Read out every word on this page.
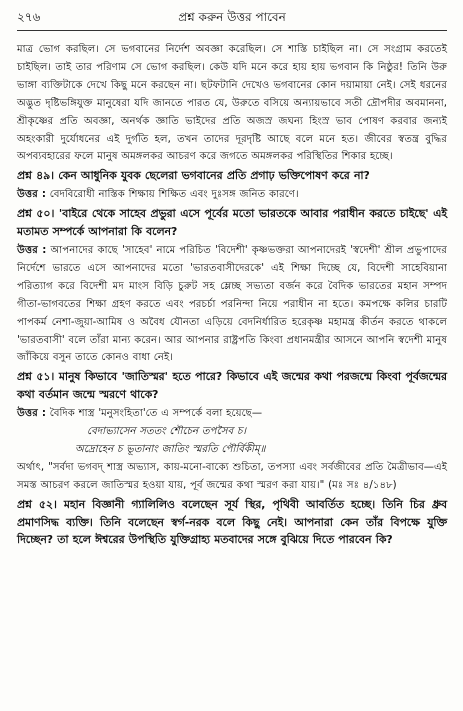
২৭৬	প্রশ্ন করুন উত্তর পাবেন

মাত্র ভোগ করছিল। সে ভগবানের নির্দেশ অবজ্ঞা করেছিল। সে শাস্তি চাইছিল না। সে সংগ্রাম করতেই চাইছিল। তাই তার পরিণাম সে ভোগ করছিল। কেউ যদি মনে করে হায় হায় ভগবান কি নিষ্ঠুর! তিনি উরু ভাঙ্গা ব্যক্তিটাকে দেখে কিছু মনে করছেন না। ছটফটানি দেখেও ভগবানের কোন দয়ামায়া নেই। সেই ধরনের অদ্ভুত দৃষ্টিভঙ্গিযুক্ত মানুষেরা যদি জানতে পারত যে, উরুতে বসিয়ে অন্যায়ভাবে সতী দ্রৌপদীর অবমাননা, শ্রীকৃষ্ণের প্রতি অবজ্ঞা, অনর্থক জ্ঞাতি ভাইদের প্রতি অজস্র জঘন্য হিংস্র ভাব পোষণ করবার জন্যই অহংকারী দুর্যোধনের এই দুর্গতি হল, তখন তাদের দূরদৃষ্টি আছে বলে মনে হত। জীবের স্বতন্ত্র বুদ্ধির অপব্যবহারের ফলে মানুষ অমঙ্গলকর আচরণ করে জগতে অমঙ্গলকর পরিস্থিতির শিকার হচ্ছে।

প্রশ্ন ৪৯। কেন আধুনিক যুবক ছেলেরা ভগবানের প্রতি প্রগাঢ় ভক্তিপোষণ করে না?

উত্তর : বেদবিরোধী নাস্তিক শিক্ষায় শিক্ষিত এবং দুঃসঙ্গ জনিত কারণে।

প্রশ্ন ৫০। 'বাইরে থেকে সাহেব প্রভুরা এসে পূর্বের মতো ভারতকে আবার পরাধীন করতে চাইছে' এই মতামত সম্পর্কে আপনারা কি বলেন?

উত্তর : আপনাদের কাছে 'সাহেব' নামে পরিচিত 'বিদেশী' কৃষ্ণভক্তরা আপনাদেরই 'স্বদেশী' শ্রীল প্রভুপাদের নির্দেশে ভারতে এসে আপনাদের মতো 'ভারতবাসীদেরকে' এই শিক্ষা দিচ্ছে যে, বিদেশী সাহেবিয়ানা পরিত্যাগ করে বিদেশী মদ মাংস বিড়ি চুরুট সহ ম্লেচ্ছ সভ্যতা বর্জন করে বৈদিক ভারতের মহান সম্পদ গীতা-ভাগবতের শিক্ষা গ্রহণ করতে এবং পরচর্চা পরনিন্দা নিয়ে পরাধীন না হতে। কমপক্ষে কলির চারটি পাপকর্ম নেশা-জুয়া-আমিষ ও অবৈধ যৌনতা এড়িয়ে বেদনির্ধারিত হরেকৃষ্ণ মহামন্ত্র কীর্তন করতে থাকলে 'ভারতবাসী' বলে তাঁরা মান্য করেন। আর আপনার রাষ্ট্রপতি কিংবা প্রধানমন্ত্রীর আসনে আপনি স্বদেশী মানুষ জাঁকিয়ে বসুন তাতে কোনও বাধা নেই।

প্রশ্ন ৫১। মানুষ কিভাবে 'জাতিস্মর' হতে পারে? কিভাবে এই জন্মের কথা পরজন্মে কিংবা পূর্বজন্মের কথা বর্তমান জন্মে স্মরণে থাকে?

উত্তর : বৈদিক শাস্ত্র 'মনুসংহিতা'তে এ সম্পর্কে বলা হয়েছে—

বেদাভ্যাসেন সততং শৌচেন তপসৈব চ।

অদ্রোহেন চ ভূতানাং জাতিং স্মরতি পৌর্বিকীম্॥

অর্থাৎ, "সর্বদা ভগবদ্ শাস্ত্র অভ্যাস, কায়-মনো-বাক্যে শুচিতা, তপস্যা এবং সর্বজীবের প্রতি মৈত্রীভাব—এই সমস্ত আচরণ করলে জাতিস্মর হওয়া যায়, পূর্ব জন্মের কথা স্মরণ করা যায়।" (মঃ সঃ ৪/১৪৮)

প্রশ্ন ৫২। মহান বিজ্ঞানী গ্যালিলিও বলেছেন সূর্য স্থির, পৃথিবী আবর্তিত হচ্ছে। তিনি চির ধ্রুব প্রমাণসিদ্ধ ব্যক্তি। তিনি বলেছেন স্বর্গ-নরক বলে কিছু নেই। আপনারা কেন তাঁর বিপক্ষে যুক্তি দিচ্ছেন? তা হলে ঈশ্বরের উপস্থিতি যুক্তিগ্রাহ্য মতবাদের সঙ্গে বুঝিয়ে দিতে পারবেন কি?
